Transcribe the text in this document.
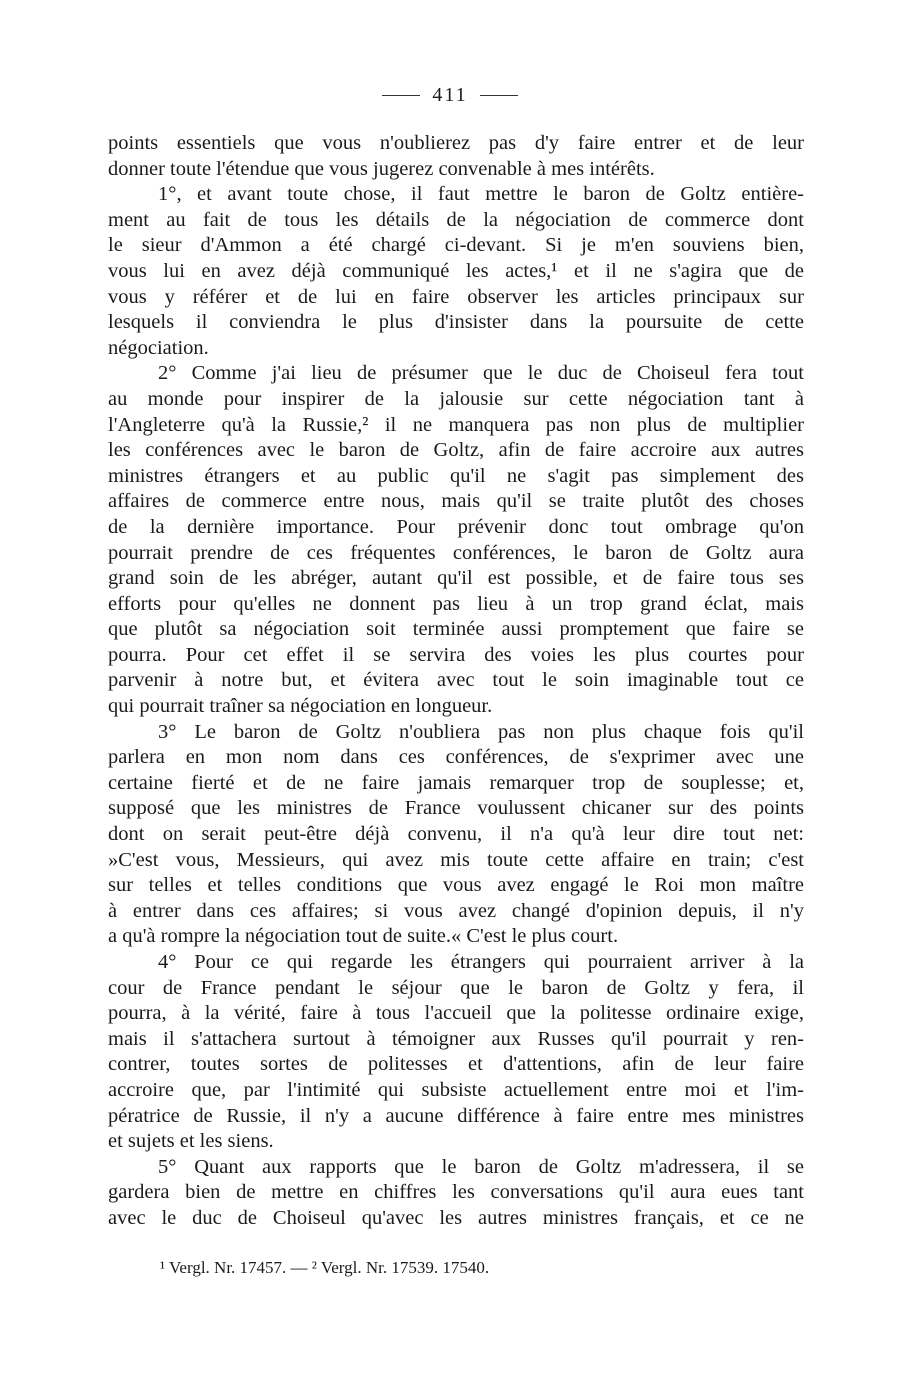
411
points essentiels que vous n'oublierez pas d'y faire entrer et de leur
donner toute l'étendue que vous jugerez convenable à mes intérêts.
1°, et avant toute chose, il faut mettre le baron de Goltz entière-
ment au fait de tous les détails de la négociation de commerce dont
le sieur d'Ammon a été chargé ci-devant. Si je m'en souviens bien,
vous lui en avez déjà communiqué les actes,¹ et il ne s'agira que de
vous y référer et de lui en faire observer les articles principaux sur
lesquels il conviendra le plus d'insister dans la poursuite de cette
négociation.
2° Comme j'ai lieu de présumer que le duc de Choiseul fera tout
au monde pour inspirer de la jalousie sur cette négociation tant à
l'Angleterre qu'à la Russie,² il ne manquera pas non plus de multiplier
les conférences avec le baron de Goltz, afin de faire accroire aux autres
ministres étrangers et au public qu'il ne s'agit pas simplement des
affaires de commerce entre nous, mais qu'il se traite plutôt des choses
de la dernière importance. Pour prévenir donc tout ombrage qu'on
pourrait prendre de ces fréquentes conférences, le baron de Goltz aura
grand soin de les abréger, autant qu'il est possible, et de faire tous ses
efforts pour qu'elles ne donnent pas lieu à un trop grand éclat, mais
que plutôt sa négociation soit terminée aussi promptement que faire se
pourra. Pour cet effet il se servira des voies les plus courtes pour
parvenir à notre but, et évitera avec tout le soin imaginable tout ce
qui pourrait traîner sa négociation en longueur.
3° Le baron de Goltz n'oubliera pas non plus chaque fois qu'il
parlera en mon nom dans ces conférences, de s'exprimer avec une
certaine fierté et de ne faire jamais remarquer trop de souplesse; et,
supposé que les ministres de France voulussent chicaner sur des points
dont on serait peut-être déjà convenu, il n'a qu'à leur dire tout net:
»C'est vous, Messieurs, qui avez mis toute cette affaire en train; c'est
sur telles et telles conditions que vous avez engagé le Roi mon maître
à entrer dans ces affaires; si vous avez changé d'opinion depuis, il n'y
a qu'à rompre la négociation tout de suite.« C'est le plus court.
4° Pour ce qui regarde les étrangers qui pourraient arriver à la
cour de France pendant le séjour que le baron de Goltz y fera, il
pourra, à la vérité, faire à tous l'accueil que la politesse ordinaire exige,
mais il s'attachera surtout à témoigner aux Russes qu'il pourrait y ren-
contrer, toutes sortes de politesses et d'attentions, afin de leur faire
accroire que, par l'intimité qui subsiste actuellement entre moi et l'im-
pératrice de Russie, il n'y a aucune différence à faire entre mes ministres
et sujets et les siens.
5° Quant aux rapports que le baron de Goltz m'adressera, il se
gardera bien de mettre en chiffres les conversations qu'il aura eues tant
avec le duc de Choiseul qu'avec les autres ministres français, et ce ne
¹ Vergl. Nr. 17457. — ² Vergl. Nr. 17539. 17540.
